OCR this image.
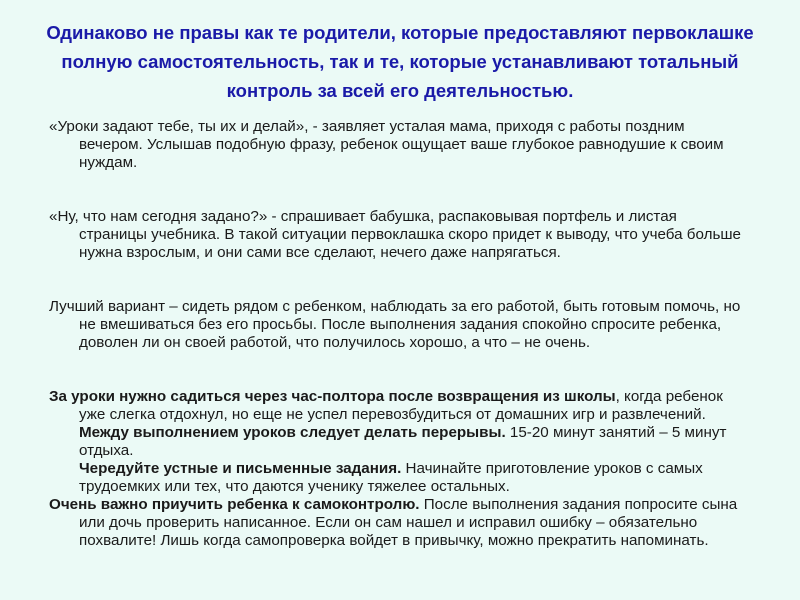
Одинаково не правы как те родители, которые предоставляют первоклашке полную самостоятельность, так и те, которые устанавливают тотальный контроль за всей его деятельностью.

«Уроки задают тебе, ты их и делай», - заявляет усталая мама, приходя с работы поздним вечером. Услышав подобную фразу, ребенок ощущает ваше глубокое равнодушие к своим нуждам.

«Ну, что нам сегодня задано?» - спрашивает бабушка, распаковывая портфель и листая страницы учебника. В такой ситуации первоклашка скоро придет к выводу, что учеба больше нужна взрослым, и они сами все сделают, нечего даже напрягаться.

Лучший вариант – сидеть рядом с ребенком, наблюдать за его работой, быть готовым помочь, но не вмешиваться без его просьбы. После выполнения задания спокойно спросите ребенка, доволен ли он своей работой, что получилось хорошо, а что – не очень.

За уроки нужно садиться через час-полтора после возвращения из школы, когда ребенок уже слегка отдохнул, но еще не успел перевозбудиться от домашних игр и развлечений. Между выполнением уроков следует делать перерывы. 15-20 минут занятий – 5 минут отдыха.
Чередуйте устные и письменные задания. Начинайте приготовление уроков с самых трудоемких или тех, что даются ученику тяжелее остальных.

Очень важно приучить ребенка к самоконтролю. После выполнения задания попросите сына или дочь проверить написанное. Если он сам нашел и исправил ошибку – обязательно похвалите! Лишь когда самопроверка войдет в привычку, можно прекратить напоминать.
